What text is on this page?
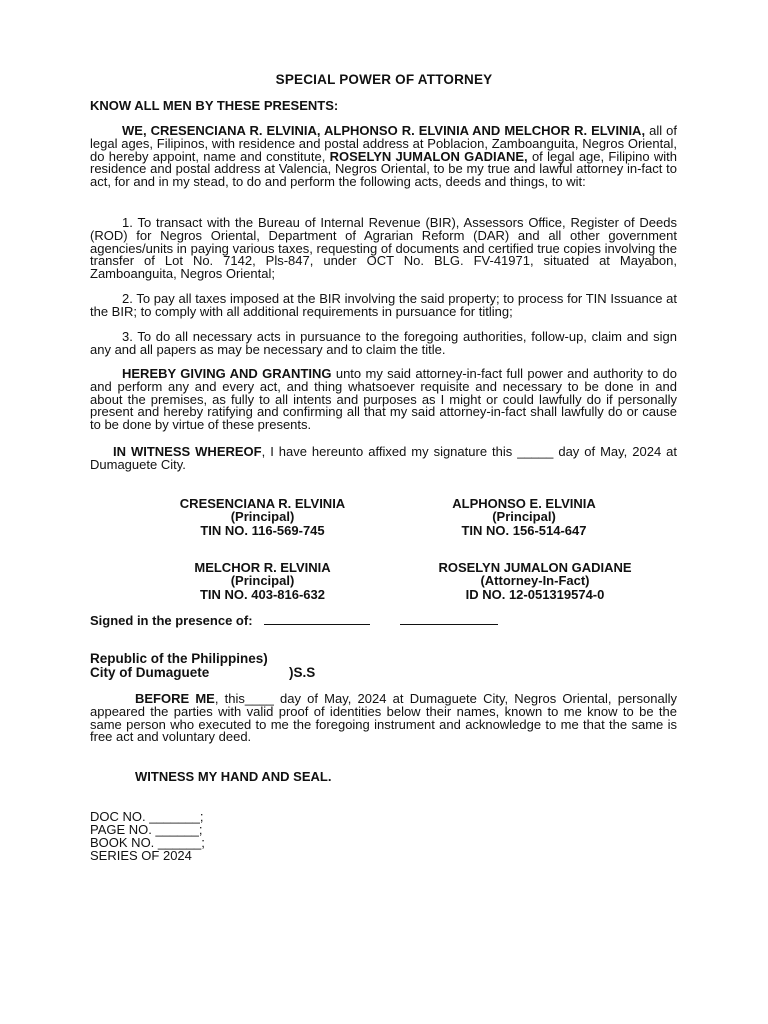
SPECIAL POWER OF ATTORNEY
KNOW ALL MEN BY THESE PRESENTS:
WE, CRESENCIANA R. ELVINIA, ALPHONSO R. ELVINIA AND MELCHOR R. ELVINIA, all of legal ages, Filipinos, with residence and postal address at Poblacion, Zamboanguita, Negros Oriental, do hereby appoint, name and constitute, ROSELYN JUMALON GADIANE, of legal age, Filipino with residence and postal address at Valencia, Negros Oriental, to be my true and lawful attorney in-fact to act, for and in my stead, to do and perform the following acts, deeds and things, to wit:
1. To transact with the Bureau of Internal Revenue (BIR), Assessors Office, Register of Deeds (ROD) for Negros Oriental, Department of Agrarian Reform (DAR) and all other government agencies/units in paying various taxes, requesting of documents and certified true copies involving the transfer of Lot No. 7142, Pls-847, under OCT No. BLG. FV-41971, situated at Mayabon, Zamboanguita, Negros Oriental;
2. To pay all taxes imposed at the BIR involving the said property; to process for TIN Issuance at the BIR; to comply with all additional requirements in pursuance for titling;
3. To do all necessary acts in pursuance to the foregoing authorities, follow-up, claim and sign any and all papers as may be necessary and to claim the title.
HEREBY GIVING AND GRANTING unto my said attorney-in-fact full power and authority to do and perform any and every act, and thing whatsoever requisite and necessary to be done in and about the premises, as fully to all intents and purposes as I might or could lawfully do if personally present and hereby ratifying and confirming all that my said attorney-in-fact shall lawfully do or cause to be done by virtue of these presents.
IN WITNESS WHEREOF, I have hereunto affixed my signature this _____ day of May, 2024 at Dumaguete City.
CRESENCIANA R. ELVINIA
(Principal)
TIN NO. 116-569-745
ALPHONSO E. ELVINIA
(Principal)
TIN NO. 156-514-647
MELCHOR R. ELVINIA
(Principal)
TIN NO. 403-816-632
ROSELYN JUMALON GADIANE
(Attorney-In-Fact)
ID NO. 12-051319574-0
Signed in the presence of:
Republic of the Philippines)
City of Dumaguete	)S.S
BEFORE ME, this____ day of May, 2024 at Dumaguete City, Negros Oriental, personally appeared the parties with valid proof of identities below their names, known to me know to be the same person who executed to me the foregoing instrument and acknowledge to me that the same is free act and voluntary deed.
WITNESS MY HAND AND SEAL.
DOC NO. _______;
PAGE NO. ______;
BOOK NO. ______;
SERIES OF 2024
